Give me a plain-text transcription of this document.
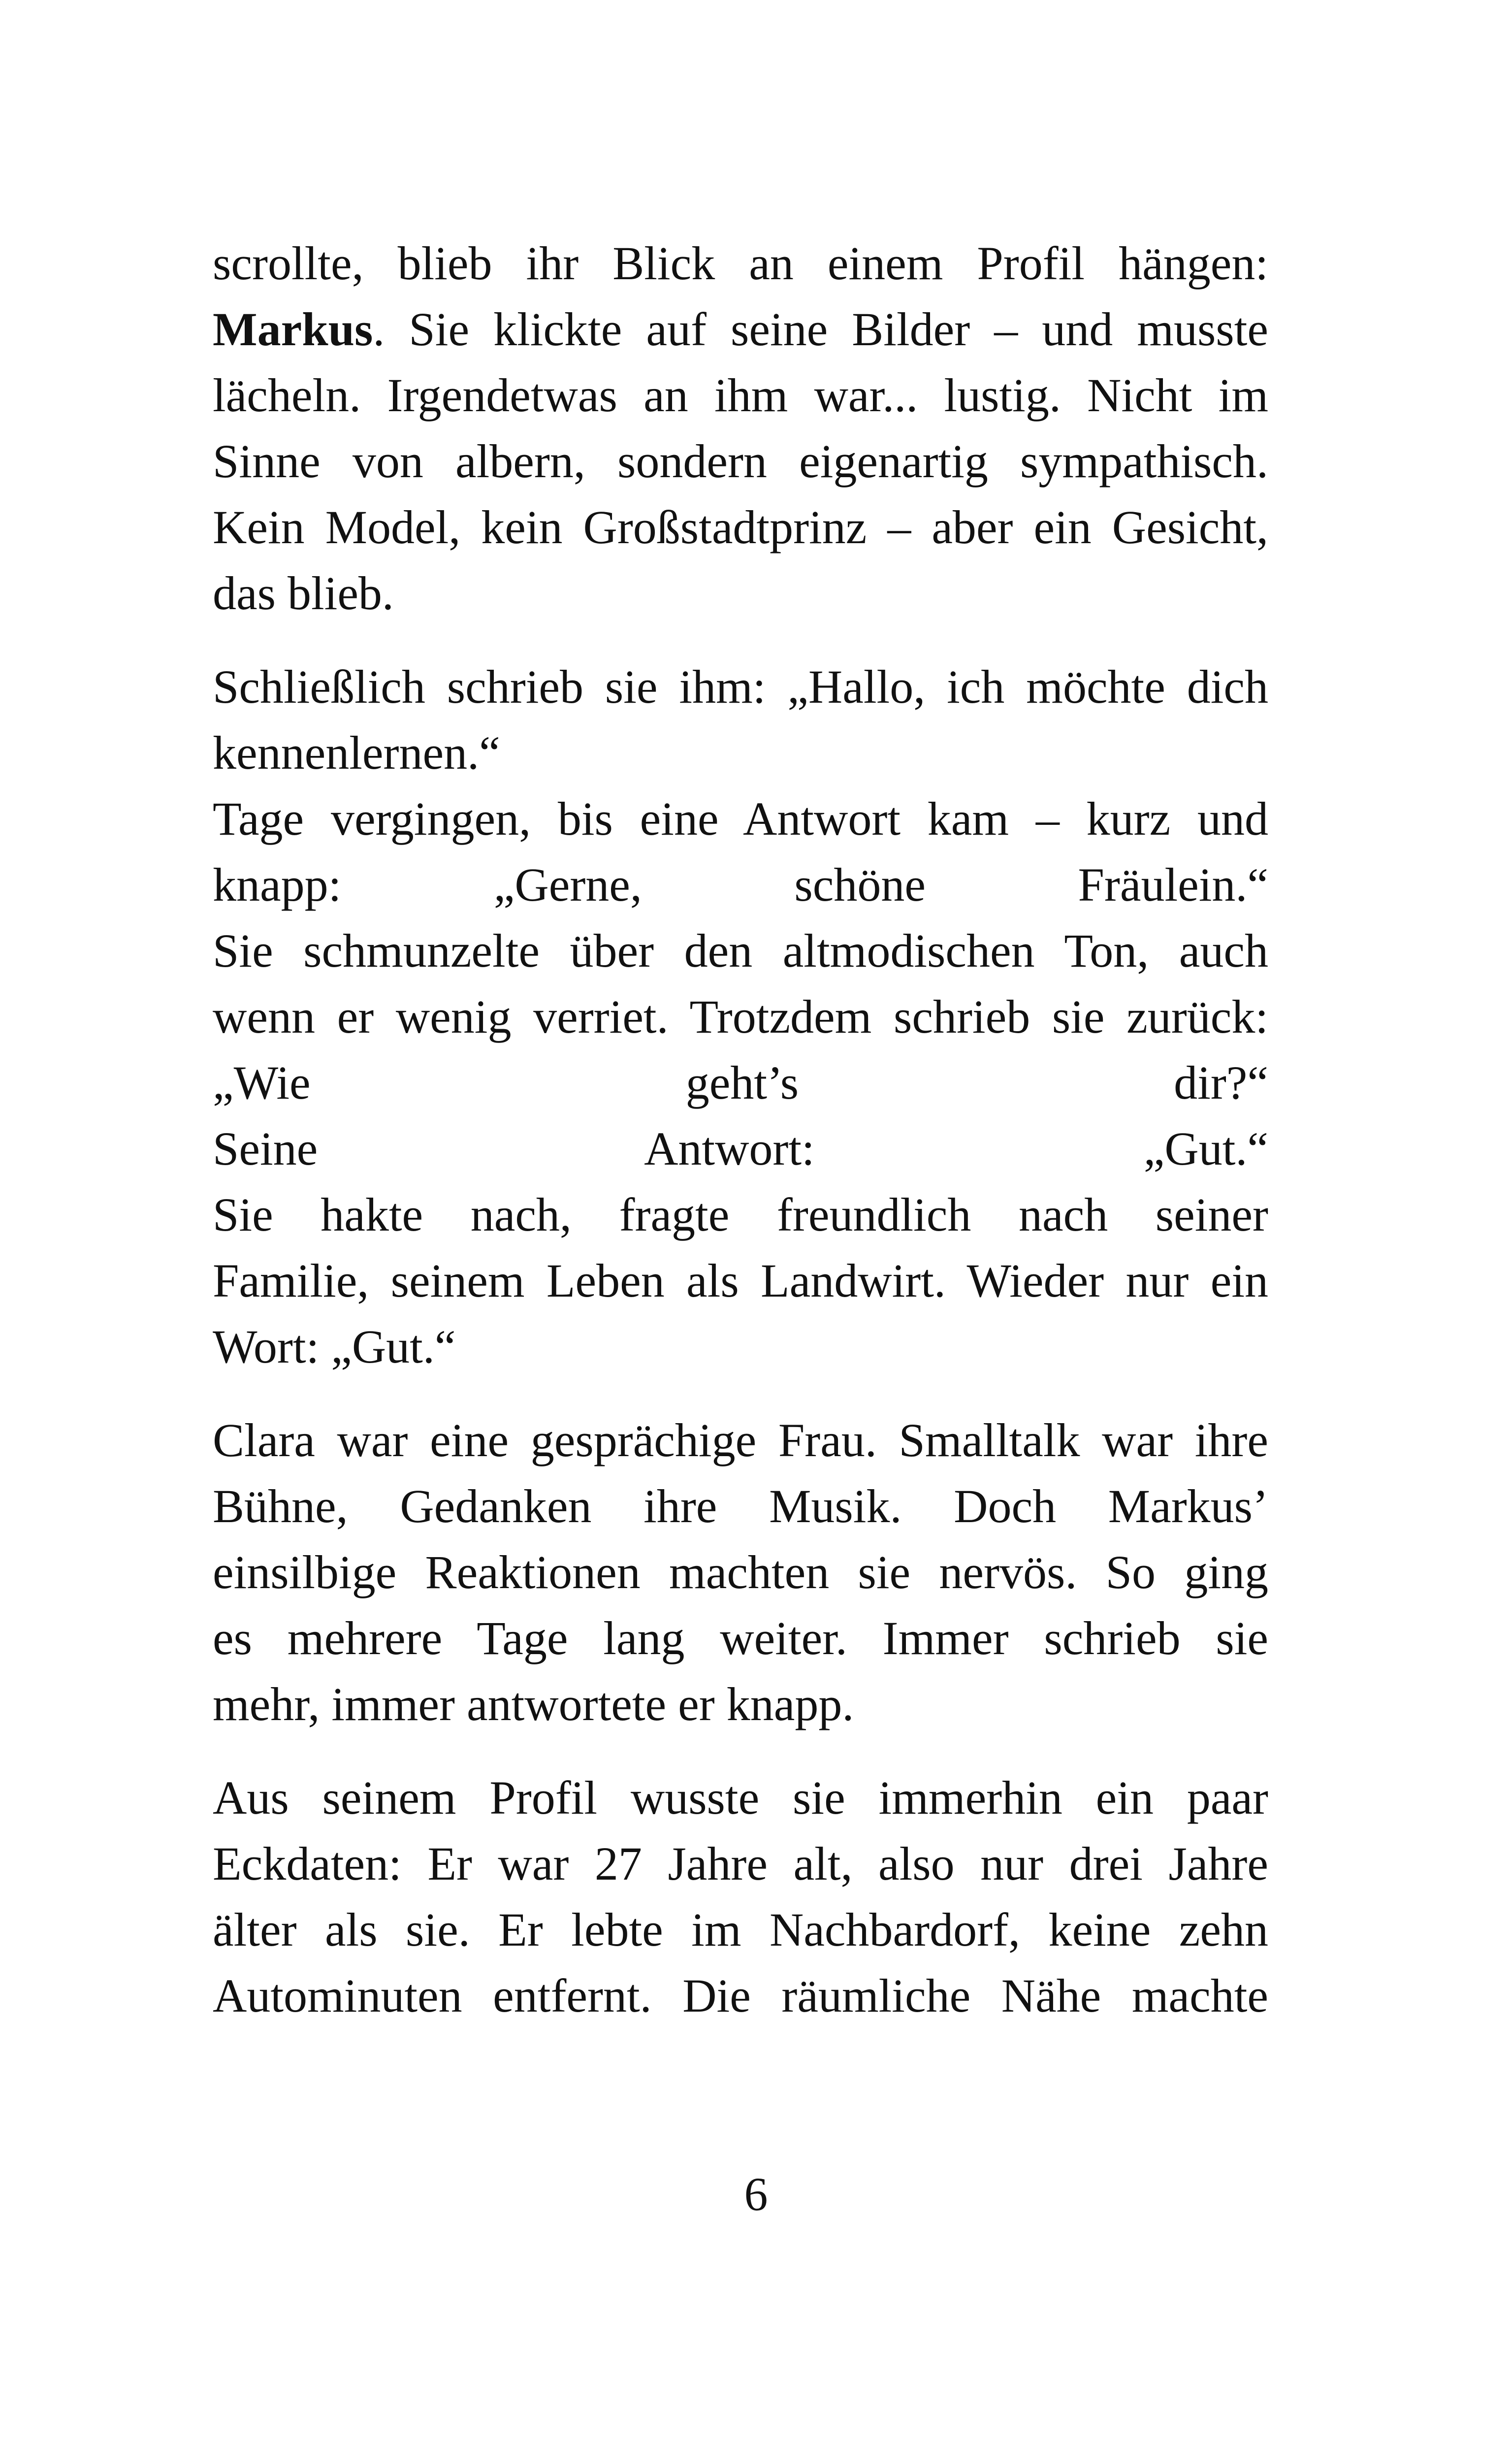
scrollte, blieb ihr Blick an einem Profil hängen:
Markus. Sie klickte auf seine Bilder – und musste
lächeln. Irgendetwas an ihm war... lustig. Nicht im
Sinne von albern, sondern eigenartig sympathisch.
Kein Model, kein Großstadtprinz – aber ein Gesicht,
das blieb.
Schließlich schrieb sie ihm: „Hallo, ich möchte dich
kennenlernen.“
Tage vergingen, bis eine Antwort kam – kurz und
knapp: „Gerne, schöne Fräulein.“
Sie schmunzelte über den altmodischen Ton, auch
wenn er wenig verriet. Trotzdem schrieb sie zurück:
„Wie geht’s dir?“
Seine Antwort: „Gut.“
Sie hakte nach, fragte freundlich nach seiner
Familie, seinem Leben als Landwirt. Wieder nur ein
Wort: „Gut.“
Clara war eine gesprächige Frau. Smalltalk war ihre
Bühne, Gedanken ihre Musik. Doch Markus’
einsilbige Reaktionen machten sie nervös. So ging
es mehrere Tage lang weiter. Immer schrieb sie
mehr, immer antwortete er knapp.
Aus seinem Profil wusste sie immerhin ein paar
Eckdaten: Er war 27 Jahre alt, also nur drei Jahre
älter als sie. Er lebte im Nachbardorf, keine zehn
Autominuten entfernt. Die räumliche Nähe machte
6
